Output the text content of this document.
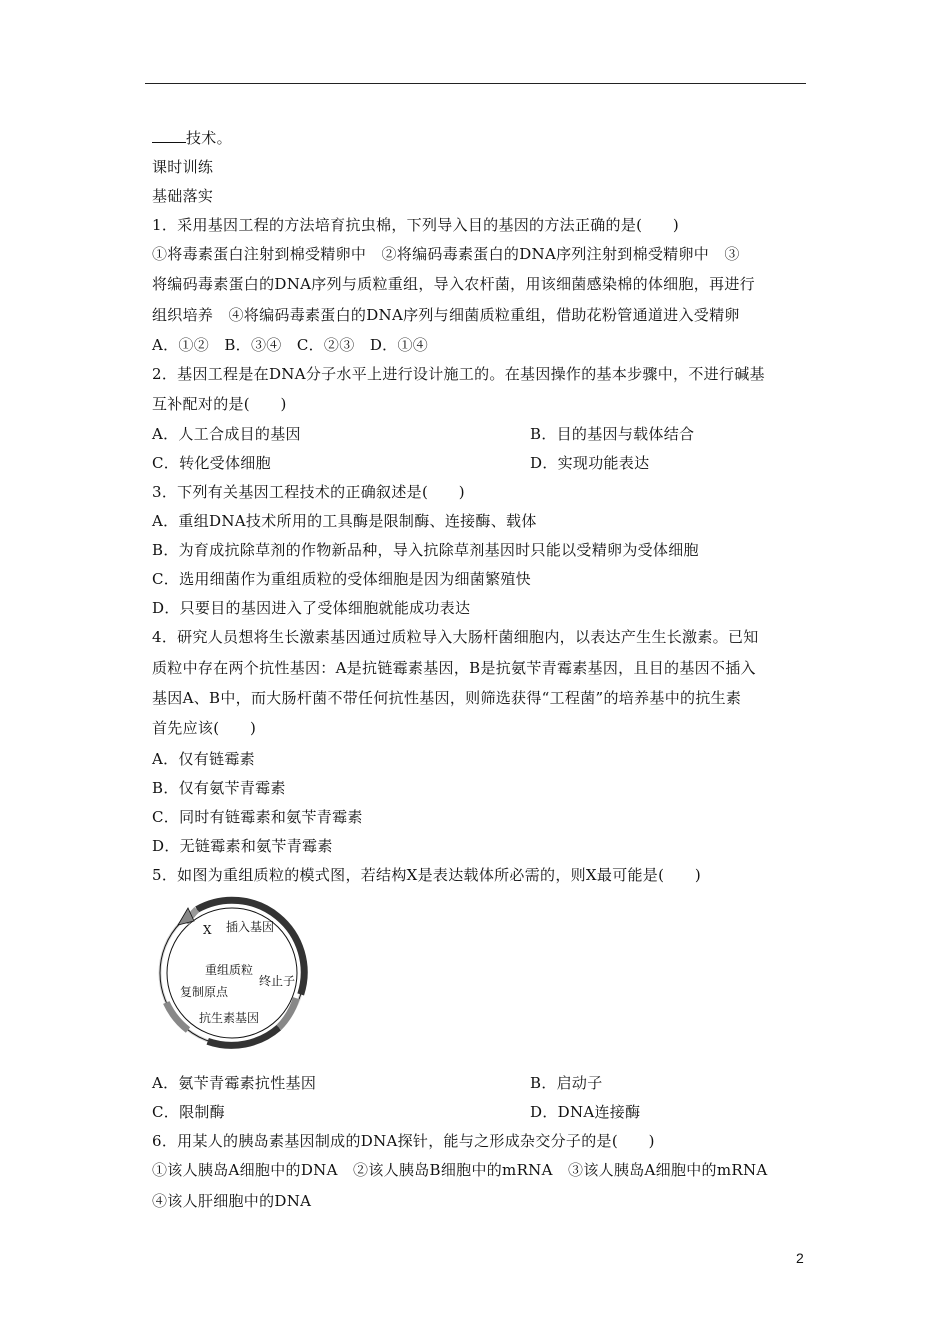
技术。
课时训练
基础落实
1．采用基因工程的方法培育抗虫棉，下列导入目的基因的方法正确的是(　　)
①将毒素蛋白注射到棉受精卵中　②将编码毒素蛋白的DNA序列注射到棉受精卵中　③
将编码毒素蛋白的DNA序列与质粒重组，导入农杆菌，用该细菌感染棉的体细胞，再进行
组织培养　④将编码毒素蛋白的DNA序列与细菌质粒重组，借助花粉管通道进入受精卵
A．①②　B．③④　C．②③　D．①④
2．基因工程是在DNA分子水平上进行设计施工的。在基因操作的基本步骤中，不进行碱基
互补配对的是(　　)
A．人工合成目的基因	B．目的基因与载体结合
C．转化受体细胞	D．实现功能表达
3．下列有关基因工程技术的正确叙述是(　　)
A．重组DNA技术所用的工具酶是限制酶、连接酶、载体
B．为育成抗除草剂的作物新品种，导入抗除草剂基因时只能以受精卵为受体细胞
C．选用细菌作为重组质粒的受体细胞是因为细菌繁殖快
D．只要目的基因进入了受体细胞就能成功表达
4．研究人员想将生长激素基因通过质粒导入大肠杆菌细胞内，以表达产生生长激素。已知
质粒中存在两个抗性基因：A是抗链霉素基因，B是抗氨苄青霉素基因，且目的基因不插入
基因A、B中，而大肠杆菌不带任何抗性基因，则筛选获得“工程菌”的培养基中的抗生素
首先应该(　　)
A．仅有链霉素
B．仅有氨苄青霉素
C．同时有链霉素和氨苄青霉素
D．无链霉素和氨苄青霉素
5．如图为重组质粒的模式图，若结构X是表达载体所必需的，则X最可能是(　　)
X 插入基因
重组质粒
终止子
复制原点
抗生素基因
A．氨苄青霉素抗性基因	B．启动子
C．限制酶	D．DNA连接酶
6．用某人的胰岛素基因制成的DNA探针，能与之形成杂交分子的是(　　)
①该人胰岛A细胞中的DNA　②该人胰岛B细胞中的mRNA　③该人胰岛A细胞中的mRNA
④该人肝细胞中的DNA
2
